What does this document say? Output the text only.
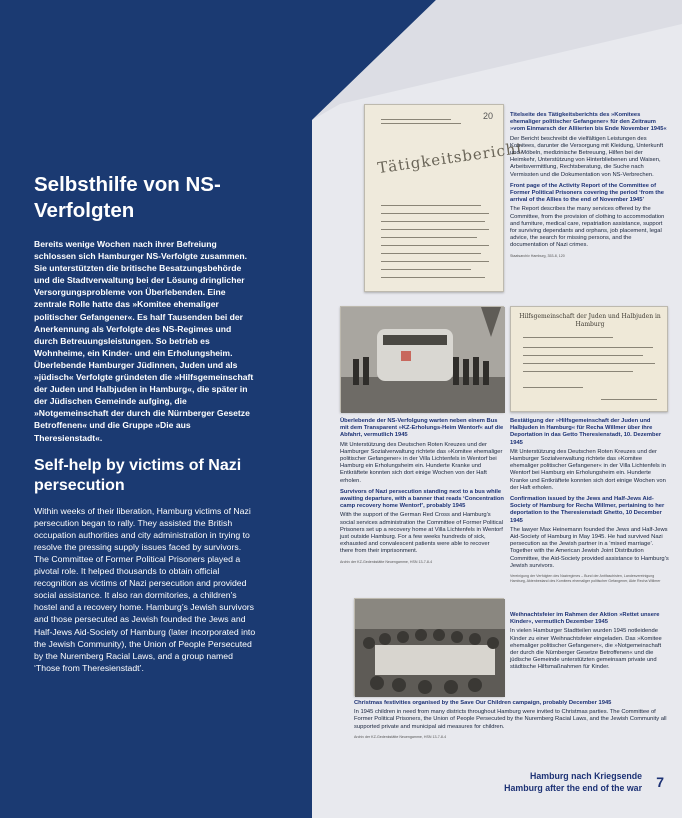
Selbsthilfe von NS-Verfolgten
Bereits wenige Wochen nach ihrer Befreiung schlossen sich Hamburger NS-Verfolgte zusammen. Sie unterstützten die britische Besatzungsbehörde und die Stadtverwaltung bei der Lösung dringlicher Versorgungsprobleme von Überlebenden. Eine zentrale Rolle hatte das »Komitee ehemaliger politischer Gefangener«. Es half Tausenden bei der Anerkennung als Verfolgte des NS-Regimes und durch Betreuungsleistungen. So betrieb es Wohnheime, ein Kinder- und ein Erholungsheim. Überlebende Hamburger Jüdinnen, Juden und als »jüdisch« Verfolgte gründeten die »Hilfsgemeinschaft der Juden und Halbjuden in Hamburg«, die später in der Jüdischen Gemeinde aufging, die »Notgemeinschaft der durch die Nürnberger Gesetze Betroffenen« und die Gruppe »Die aus Theresienstadt«.
Self-help by victims of Nazi persecution
Within weeks of their liberation, Hamburg victims of Nazi persecution began to rally. They assisted the British occupation authorities and city administration in trying to resolve the pressing supply issues faced by survivors. The Committee of Former Political Prisoners played a pivotal role. It helped thousands to obtain official recognition as victims of Nazi persecution and provided social assistance. It also ran dormitories, a children’s hostel and a recovery home. Hamburg’s Jewish survivors and those persecuted as Jewish founded the Jews and Half-Jews Aid-Society of Hamburg (later incorporated into the Jewish Community), the Union of People Persecuted by the Nuremberg Racial Laws, and a group named ‘Those from Theresienstadt’.
20
Tätigkeitsbericht
Titelseite des Tätigkeitsberichts des »Komitees ehemaliger politischer Gefangener« für den Zeitraum »vom Einmarsch der Alliierten bis Ende November 1945«
Der Bericht beschreibt die vielfältigen Leistungen des Komitees, darunter die Versorgung mit Kleidung, Unterkunft und Möbeln, medizinische Betreuung, Hilfen bei der Heimkehr, Unterstützung von Hinterbliebenen und Waisen, Arbeitsvermittlung, Rechtsberatung, die Suche nach Vermissten und die Dokumentation von NS-Verbrechen.
Front page of the Activity Report of the Committee of Former Political Prisoners covering the period ‘from the arrival of the Allies to the end of November 1945’
The Report describes the many services offered by the Committee, from the provision of clothing to accommodation and furniture, medical care, repatriation assistance, support for surviving dependants and orphans, job placement, legal advice, the search for missing persons, and the documentation of Nazi crimes.
Staatsarchiv Hamburg, 353-8, 120
Überlebende der NS-Verfolgung warten neben einem Bus mit dem Transparent »KZ-Erholungs-Heim Wentorf« auf die Abfahrt, vermutlich 1945
Mit Unterstützung des Deutschen Roten Kreuzes und der Hamburger Sozialverwaltung richtete das »Komitee ehemaliger politischer Gefangener« in der Villa Lichtenfels in Wentorf bei Hamburg ein Erholungsheim ein. Hunderte Kranke und Entkräftete konnten sich dort einige Wochen von der Haft erholen.
Survivors of Nazi persecution standing next to a bus while awaiting departure, with a banner that reads ‘Concentration camp recovery home Wentorf’, probably 1945
With the support of the German Red Cross and Hamburg’s social services administration the Committee of Former Political Prisoners set up a recovery home at Villa Lichtenfels in Wentorf just outside Hamburg. For a few weeks hundreds of sick, exhausted and convalescent patients were able to recover there from their imprisonment.
Archiv der KZ-Gedenkstätte Neuengamme, HSN 13-7-8-4
Hilfsgemeinschaft der Juden und Halbjuden in Hamburg
Bestätigung der »Hilfsgemeinschaft der Juden und Halbjuden in Hamburg« für Recha Willmer über ihre Deportation in das Getto Theresienstadt, 10. Dezember 1945
Mit Unterstützung des Deutschen Roten Kreuzes und der Hamburger Sozialverwaltung richtete das »Komitee ehemaliger politischer Gefangener« in der Villa Lichtenfels in Wentorf bei Hamburg ein Erholungsheim ein. Hunderte Kranke und Entkräftete konnten sich dort einige Wochen von der Haft erholen.
Confirmation issued by the Jews and Half-Jews Aid-Society of Hamburg for Recha Willmer, pertaining to her deportation to the Theresienstadt Ghetto, 10 December 1945
The lawyer Max Heinemann founded the Jews and Half-Jews Aid-Society of Hamburg in May 1945. He had survived Nazi persecution as the Jewish partner in a ‘mixed marriage’. Together with the American Jewish Joint Distribution Committee, the Aid-Society provided assistance to Hamburg’s Jewish survivors.
Vereinigung der Verfolgten des Naziregimes – Bund der Antifaschisten, Landesvereinigung Hamburg, Aktenbestand des Komitees ehemaliger politischer Gefangener, Akte Recha Willmer
Weihnachtsfeier im Rahmen der Aktion »Rettet unsere Kinder«, vermutlich Dezember 1945
In vielen Hamburger Stadtteilen wurden 1945 notleidende Kinder zu einer Weihnachtsfeier eingeladen. Das »Komitee ehemaliger politischer Gefangener«, die »Notgemeinschaft der durch die Nürnberger Gesetze Betroffenen« und die jüdische Gemeinde unterstützten gemeinsam private und städtische Hilfsmaßnahmen für Kinder.
Christmas festivities organised by the Save Our Children campaign, probably December 1945
In 1945 children in need from many districts throughout Hamburg were invited to Christmas parties. The Committee of Former Political Prisoners, the Union of People Persecuted by the Nuremberg Racial Laws, and the Jewish Community all supported private and municipal aid measures for children.
Archiv der KZ-Gedenkstätte Neuengamme, HSN 13-7-8-4
Hamburg nach Kriegsende
Hamburg after the end of the war 7
